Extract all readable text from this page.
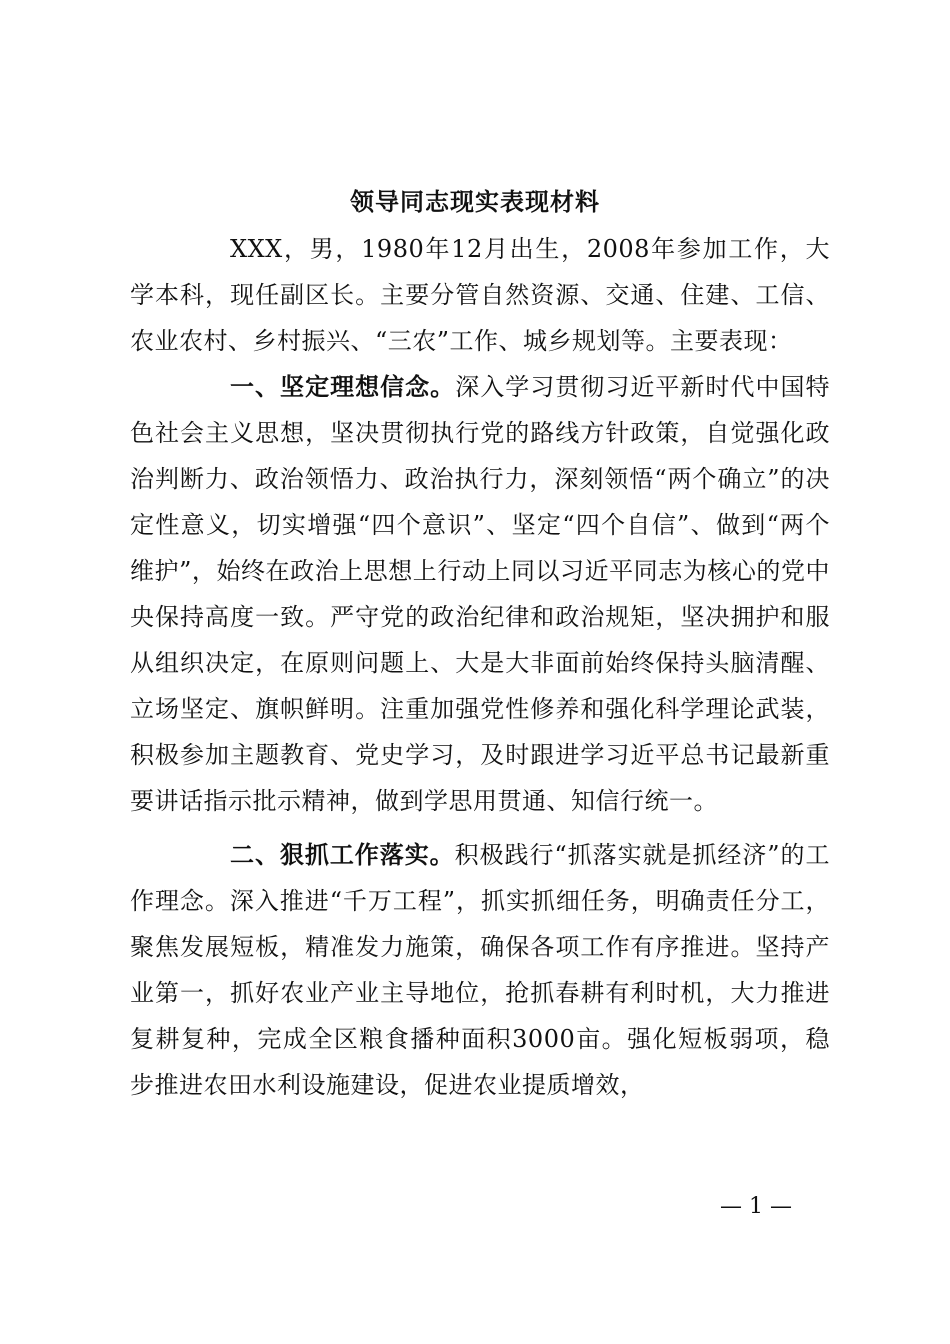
领导同志现实表现材料

XXX，男，1980年12月出生，2008年参加工作，大学本科，现任副区长。主要分管自然资源、交通、住建、工信、农业农村、乡村振兴、“三农”工作、城乡规划等。主要表现：

一、坚定理想信念。深入学习贯彻习近平新时代中国特色社会主义思想，坚决贯彻执行党的路线方针政策，自觉强化政治判断力、政治领悟力、政治执行力，深刻领悟“两个确立”的决定性意义，切实增强“四个意识”、坚定“四个自信”、做到“两个维护”，始终在政治上思想上行动上同以习近平同志为核心的党中央保持高度一致。严守党的政治纪律和政治规矩，坚决拥护和服从组织决定，在原则问题上、大是大非面前始终保持头脑清醒、立场坚定、旗帜鲜明。注重加强党性修养和强化科学理论武装，积极参加主题教育、党史学习，及时跟进学习近平总书记最新重要讲话指示批示精神，做到学思用贯通、知信行统一。

二、狠抓工作落实。积极践行“抓落实就是抓经济”的工作理念。深入推进“千万工程”，抓实抓细任务，明确责任分工，聚焦发展短板，精准发力施策，确保各项工作有序推进。坚持产业第一，抓好农业产业主导地位，抢抓春耕有利时机，大力推进复耕复种，完成全区粮食播种面积3000亩。强化短板弱项，稳步推进农田水利设施建设，促进农业提质增效，

— 1 —
